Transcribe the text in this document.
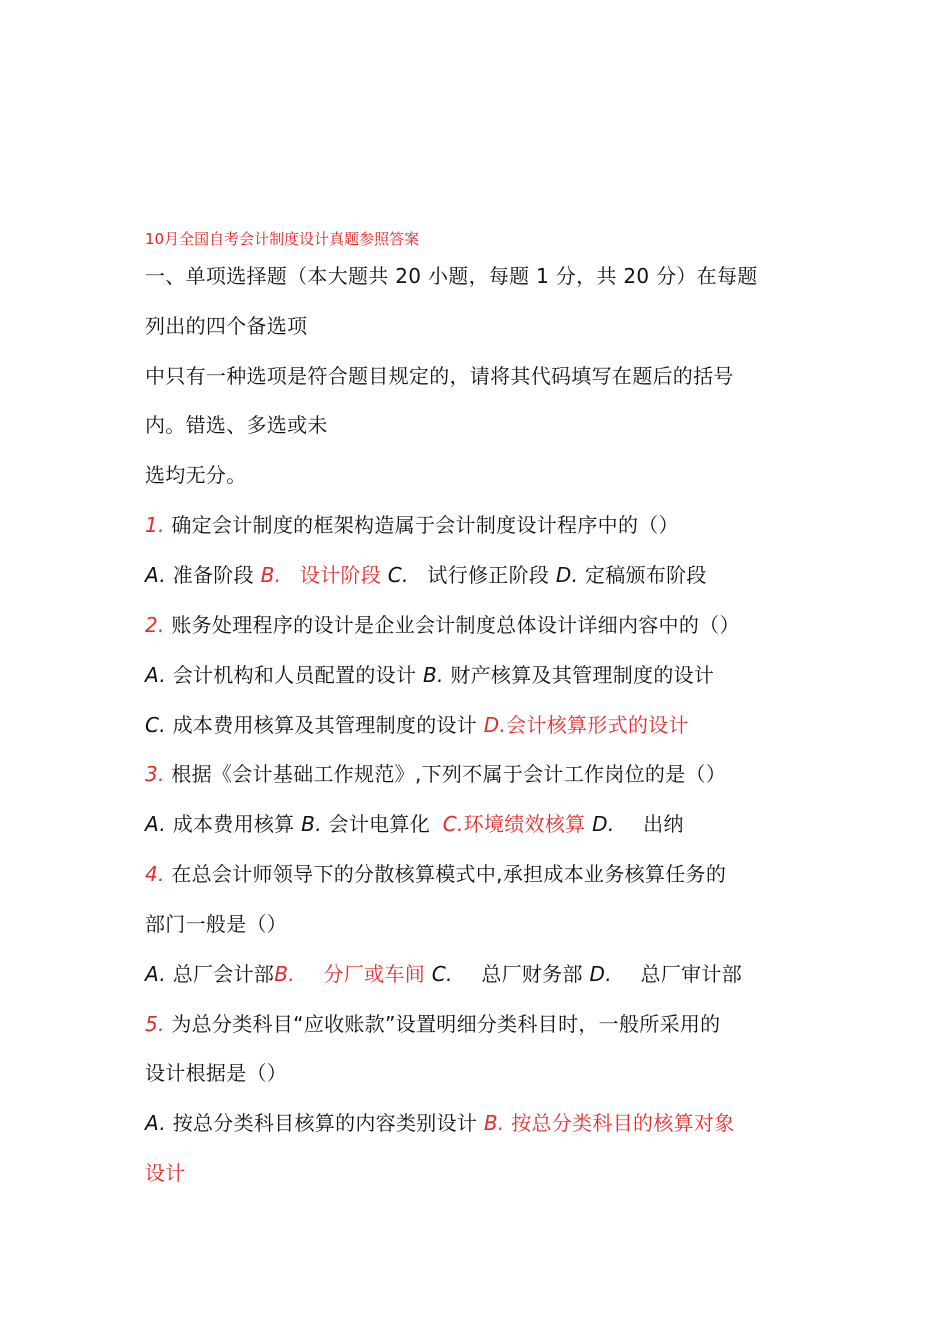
10月全国自考会计制度设计真题参照答案
一、单项选择题（本大题共 20 小题，每题 1 分，共 20 分）在每题
列出的四个备选项
中只有一种选项是符合题目规定的，请将其代码填写在题后的括号
内。错选、多选或未
选均无分。
1. 确定会计制度的框架构造属于会计制度设计程序中的（）
A. 准备阶段 B. 设计阶段 C. 试行修正阶段 D. 定稿颁布阶段
2. 账务处理程序的设计是企业会计制度总体设计详细内容中的（）
A. 会计机构和人员配置的设计 B. 财产核算及其管理制度的设计
C. 成本费用核算及其管理制度的设计 D.会计核算形式的设计
3. 根据《会计基础工作规范》,下列不属于会计工作岗位的是（）
A. 成本费用核算 B. 会计电算化 C.环境绩效核算 D. 出纳
4. 在总会计师领导下的分散核算模式中,承担成本业务核算任务的
部门一般是（）
A. 总厂会计部B. 分厂或车间 C. 总厂财务部 D. 总厂审计部
5. 为总分类科目“应收账款”设置明细分类科目时，一般所采用的
设计根据是（）
A. 按总分类科目核算的内容类别设计 B. 按总分类科目的核算对象
设计
